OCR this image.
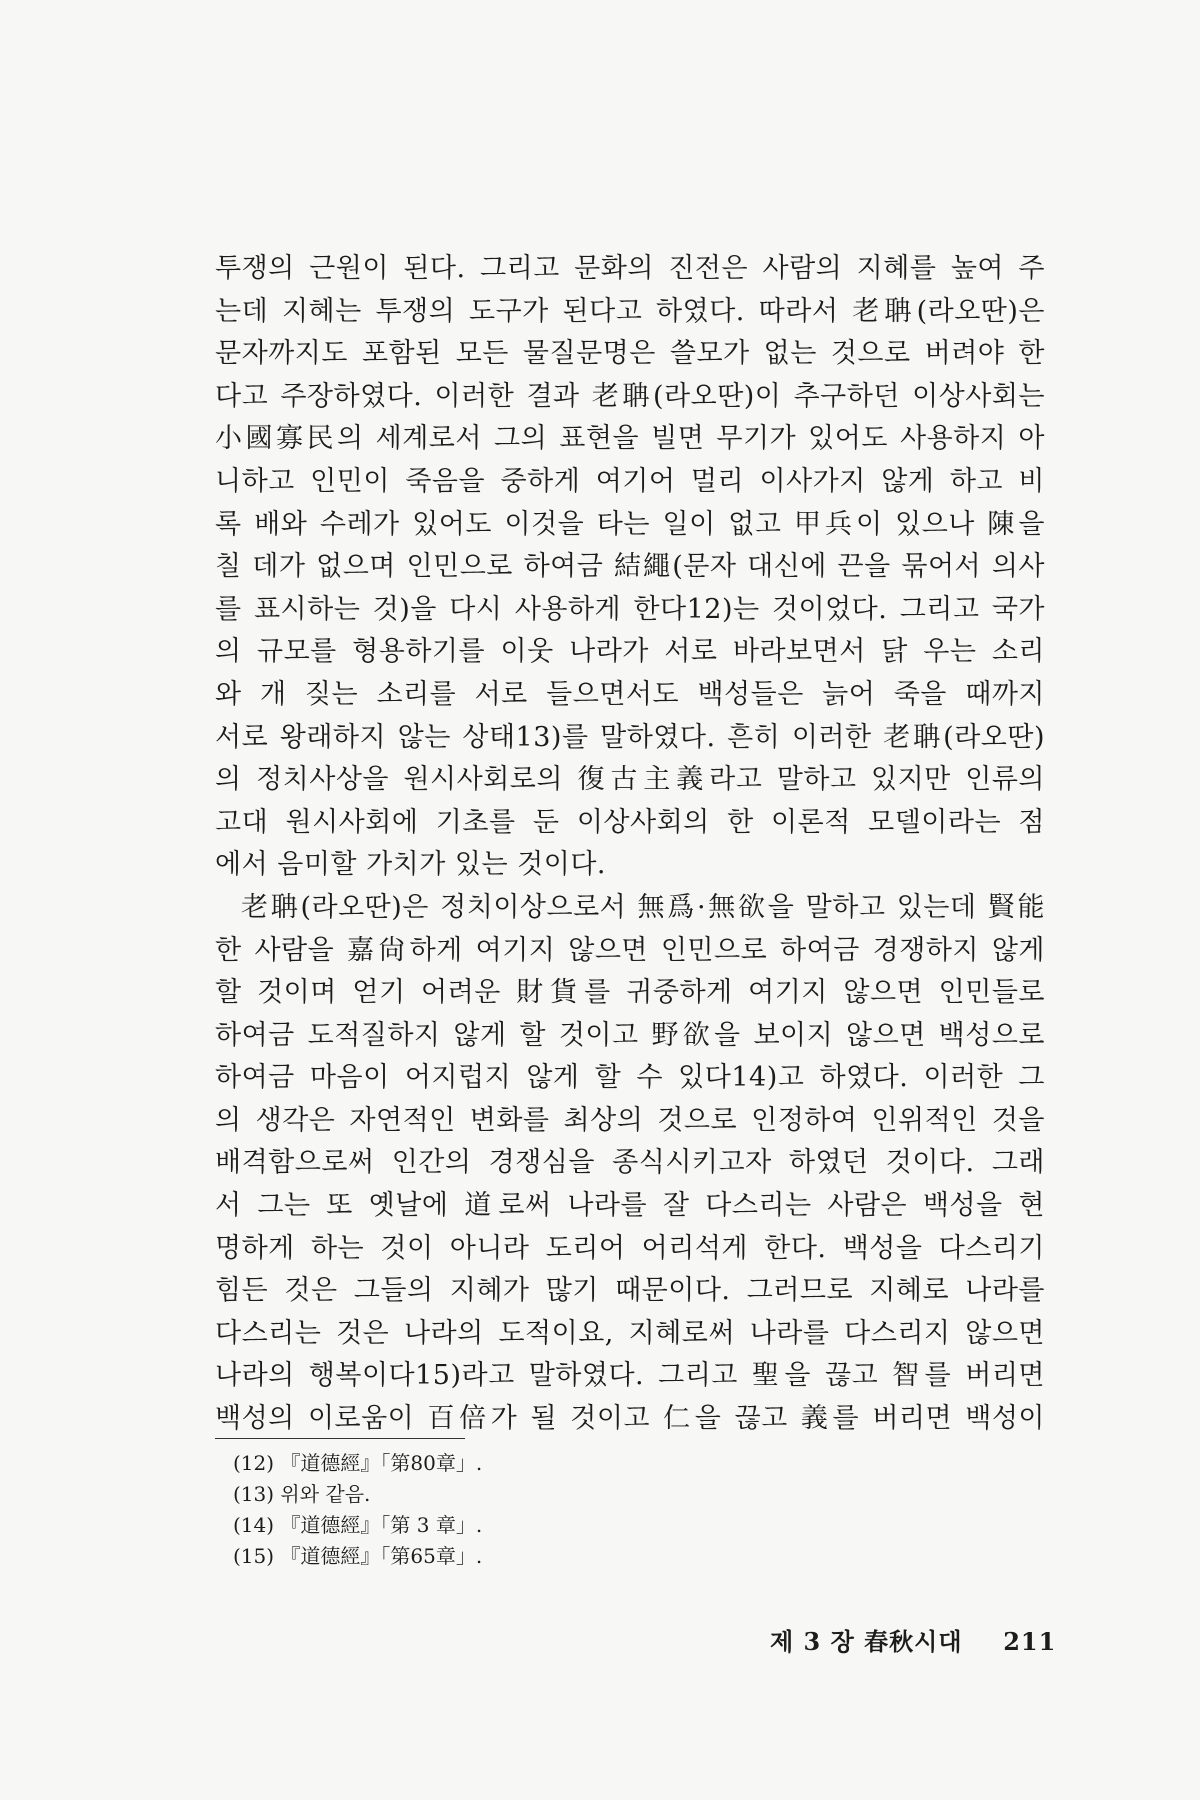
투쟁의 근원이 된다. 그리고 문화의 진전은 사람의 지혜를 높여 주
는데 지혜는 투쟁의 도구가 된다고 하였다. 따라서 老聃(라오딴)은
문자까지도 포함된 모든 물질문명은 쓸모가 없는 것으로 버려야 한
다고 주장하였다. 이러한 결과 老聃(라오딴)이 추구하던 이상사회는
小國寡民의 세계로서 그의 표현을 빌면 무기가 있어도 사용하지 아
니하고 인민이 죽음을 중하게 여기어 멀리 이사가지 않게 하고 비
록 배와 수레가 있어도 이것을 타는 일이 없고 甲兵이 있으나 陳을
칠 데가 없으며 인민으로 하여금 結繩(문자 대신에 끈을 묶어서 의사
를 표시하는 것)을 다시 사용하게 한다12)는 것이었다. 그리고 국가
의 규모를 형용하기를 이웃 나라가 서로 바라보면서 닭 우는 소리
와 개 짖는 소리를 서로 들으면서도 백성들은 늙어 죽을 때까지
서로 왕래하지 않는 상태13)를 말하였다. 흔히 이러한 老聃(라오딴)
의 정치사상을 원시사회로의 復古主義라고 말하고 있지만 인류의
고대 원시사회에 기초를 둔 이상사회의 한 이론적 모델이라는 점
에서 음미할 가치가 있는 것이다.
老聃(라오딴)은 정치이상으로서 無爲·無欲을 말하고 있는데 賢能
한 사람을 嘉尙하게 여기지 않으면 인민으로 하여금 경쟁하지 않게
할 것이며 얻기 어려운 財貨를 귀중하게 여기지 않으면 인민들로
하여금 도적질하지 않게 할 것이고 野欲을 보이지 않으면 백성으로
하여금 마음이 어지럽지 않게 할 수 있다14)고 하였다. 이러한 그
의 생각은 자연적인 변화를 최상의 것으로 인정하여 인위적인 것을
배격함으로써 인간의 경쟁심을 종식시키고자 하였던 것이다. 그래
서 그는 또 옛날에 道로써 나라를 잘 다스리는 사람은 백성을 현
명하게 하는 것이 아니라 도리어 어리석게 한다. 백성을 다스리기
힘든 것은 그들의 지혜가 많기 때문이다. 그러므로 지혜로 나라를
다스리는 것은 나라의 도적이요, 지혜로써 나라를 다스리지 않으면
나라의 행복이다15)라고 말하였다. 그리고 聖을 끊고 智를 버리면
백성의 이로움이 百倍가 될 것이고 仁을 끊고 義를 버리면 백성이
(12) 『道德經』「第80章」.
(13) 위와 같음.
(14) 『道德經』「第 3 章」.
(15) 『道德經』「第65章」.
제 3 장 春秋시대 211
